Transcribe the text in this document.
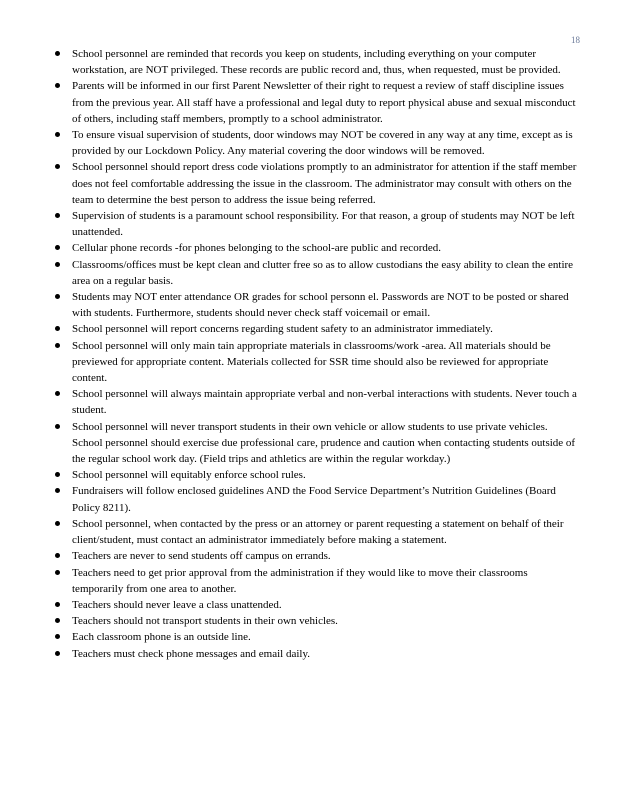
18
School personnel are reminded that records you keep on students, including everything on your computer workstation, are NOT privileged. These records are public record and, thus, when requested, must be provided.
Parents will be informed in our first Parent Newsletter of their right to request a review of staff discipline issues from the previous year. All staff have a professional and legal duty to report physical abuse and sexual misconduct of others, including staff members, promptly to a school administrator.
To ensure visual supervision of students, door windows may NOT be covered in any way at any time, except as is provided by our Lockdown Policy. Any material covering the door windows will be removed.
School personnel should report dress code violations promptly to an administrator for attention if the staff member does not feel comfortable addressing the issue in the classroom. The administrator may consult with others on the team to determine the best person to address the issue being referred.
Supervision of students is a paramount school responsibility. For that reason, a group of students may NOT be left unattended.
Cellular phone records -for phones belonging to the school-are public and recorded.
Classrooms/offices must be kept clean and clutter free so as to allow custodians the easy ability to clean the entire area on a regular basis.
Students may NOT enter attendance OR grades for school personn el. Passwords are NOT to be posted or shared with students. Furthermore, students should never check staff voicemail or email.
School personnel will report concerns regarding student safety to an administrator immediately.
School personnel will only main tain appropriate materials in classrooms/work -area. All materials should be previewed for appropriate content. Materials collected for SSR time should also be reviewed for appropriate content.
School personnel will always maintain appropriate verbal and non-verbal interactions with students. Never touch a student.
School personnel will never transport students in their own vehicle or allow students to use private vehicles. School personnel should exercise due professional care, prudence and caution when contacting students outside of the regular school work day. (Field trips and athletics are within the regular workday.)
School personnel will equitably enforce school rules.
Fundraisers will follow enclosed guidelines AND the Food Service Department’s Nutrition Guidelines (Board Policy 8211).
School personnel, when contacted by the press or an attorney or parent requesting a statement on behalf of their client/student, must contact an administrator immediately before making a statement.
Teachers are never to send students off campus on errands.
Teachers need to get prior approval from the administration if they would like to move their classrooms temporarily from one area to another.
Teachers should never leave a class unattended.
Teachers should not transport students in their own vehicles.
Each classroom phone is an outside line.
Teachers must check phone messages and email daily.
